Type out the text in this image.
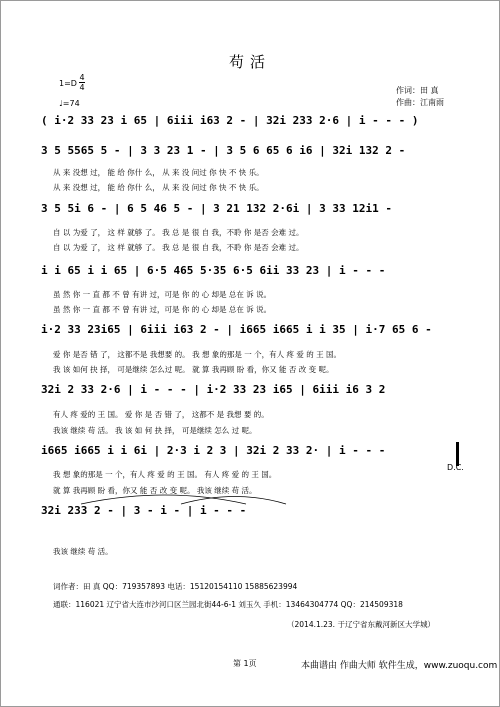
苟活
1=D
4
4
♩=74
作词：田 真
作曲：江南雨
( i·2 33 23 i 65 | 6iii i63 2 - | 32i 233 2·6 | i - - - )
3 5 5565 5 - | 3 3 23 1 - | 3 5 6 65 6 i6 | 32i 132 2 -
从 来 没想 过， 能 给 你什 么， 从 来 没 问过 你 快 不 快 乐。
从 来 没想 过， 能 给 你什 么， 从 来 没 问过 你 快 不 快 乐。
3 5 5i 6 - | 6 5 46 5 - | 3 21 132 2·6i | 3 33 12i1 -
自 以 为爱 了， 这 样 就够 了。 我 总 是 很 自 我，不聆 你 是否 会难 过。
自 以 为爱 了， 这 样 就够 了。 我 总 是 很 自 我，不聆 你 是否 会难 过。
i i 65 i i 65 | 6·5 465 5·35 6·5 6ii 33 23 | i - - -
虽 然 你 一 直 都 不 曾 有讲 过，可是 你 的 心 却是 总在 诉 说。
虽 然 你 一 直 都 不 曾 有讲 过，可是 你 的 心 却是 总在 诉 说。
i·2 33 23i65 | 6iii i63 2 - | i665 i665 i i 35 | i·7 65 6 -
爱 你 是否 错 了， 这都不是 我想要 的。 我 想 象的那是 一 个，有人 疼 爱 的 王 国。
我 该 如何 抉 择， 可是继续 怎么过 呢。 就 算 我再顾 盼 看，你又 能 否 改 变 呢。
32i 2 33 2·6 | i - - - | i·2 33 23 i65 | 6iii i6 3 2
有人 疼 爱的 王 国。 爱 你 是 否 错 了， 这都不 是 我想 要 的。
我该 继续 苟 活。 我 该 如 何 抉 择， 可是继续 怎么 过 呢。
i665 i665 i i 6i | 2·3 i 2 3 | 32i 2 33 2· | i - - -
我 想 象的那是 一 个，有人 疼 爱 的 王 国。 有人 疼 爱 的 王 国。
就 算 我再顾 盼 看，你又 能 否 改 变 呢。 我该 继续 苟 活。
D.C.
32i 233 2 - | 3 - i - | i - - -
我该 继续 苟 活。
词作者：田 真 QQ：719357893 电话：15120154110 15885623994
通联：116021 辽宁省大连市沙河口区兰园北街44-6-1 刘玉久 手机：13464304774 QQ：214509318
（2014.1.23. 于辽宁省东戴河新区大学城）
第 1页	本曲谱由 作曲大师 软件生成，www.zuoqu.com
